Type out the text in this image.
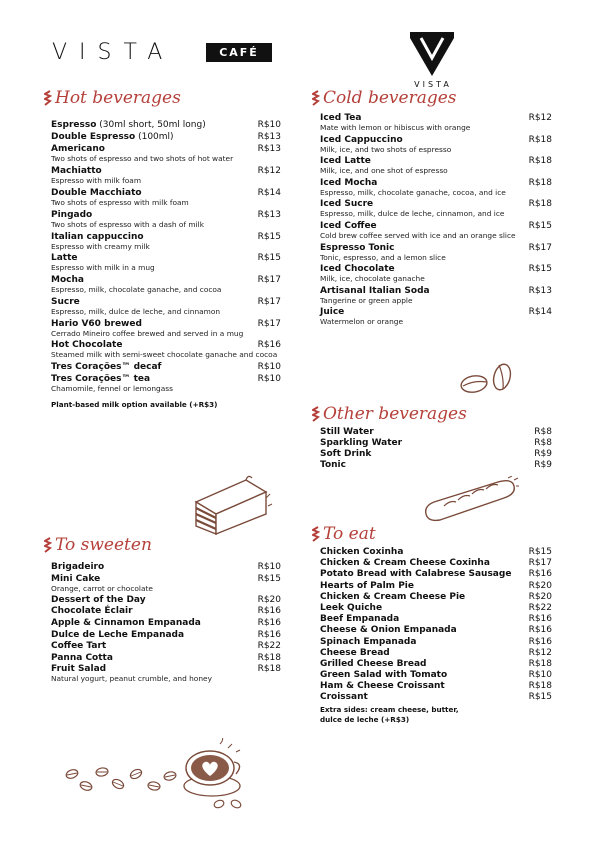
VISTA	CAFÉ
VISTA
Hot beverages
Espresso (30ml short, 50ml long)	R$10
Double Espresso (100ml)	R$13
Americano	R$13
Two shots of espresso and two shots of hot water
Machiatto	R$12
Espresso with milk foam
Double Macchiato	R$14
Two shots of espresso with milk foam
Pingado	R$13
Two shots of espresso with a dash of milk
Italian cappuccino	R$15
Espresso with creamy milk
Latte	R$15
Espresso with milk in a mug
Mocha	R$17
Espresso, milk, chocolate ganache, and cocoa
Sucre	R$17
Espresso, milk, dulce de leche, and cinnamon
Hario V60 brewed	R$17
Cerrado Mineiro coffee brewed and served in a mug
Hot Chocolate	R$16
Steamed milk with semi-sweet chocolate ganache and cocoa
Tres Corações™ decaf	R$10
Tres Corações™ tea	R$10
Chamomile, fennel or lemongass
Plant-based milk option available (+R$3)
Cold beverages
Iced Tea	R$12
Mate with lemon or hibiscus with orange
Iced Cappuccino	R$18
Milk, ice, and two shots of espresso
Iced Latte	R$18
Milk, ice, and one shot of espresso
Iced Mocha	R$18
Espresso, milk, chocolate ganache, cocoa, and ice
Iced Sucre	R$18
Espresso, milk, dulce de leche, cinnamon, and ice
Iced Coffee	R$15
Cold brew coffee served with ice and an orange slice
Espresso Tonic	R$17
Tonic, espresso, and a lemon slice
Iced Chocolate	R$15
Milk, ice, chocolate ganache
Artisanal Italian Soda	R$13
Tangerine or green apple
Juice	R$14
Watermelon or orange
Other beverages
Still Water	R$8
Sparkling Water	R$8
Soft Drink	R$9
Tonic	R$9
To sweeten
Brigadeiro	R$10
Mini Cake	R$15
Orange, carrot or chocolate
Dessert of the Day	R$20
Chocolate Éclair	R$16
Apple & Cinnamon Empanada	R$16
Dulce de Leche Empanada	R$16
Coffee Tart	R$22
Panna Cotta	R$18
Fruit Salad	R$18
Natural yogurt, peanut crumble, and honey
To eat
Chicken Coxinha	R$15
Chicken & Cream Cheese Coxinha	R$17
Potato Bread with Calabrese Sausage R$16
Hearts of Palm Pie	R$20
Chicken & Cream Cheese Pie	R$20
Leek Quiche	R$22
Beef Empanada	R$16
Cheese & Onion Empanada	R$16
Spinach Empanada	R$16
Cheese Bread	R$12
Grilled Cheese Bread	R$18
Green Salad with Tomato	R$10
Ham & Cheese Croissant	R$18
Croissant	R$15
Extra sides: cream cheese, butter, dulce de leche (+R$3)
